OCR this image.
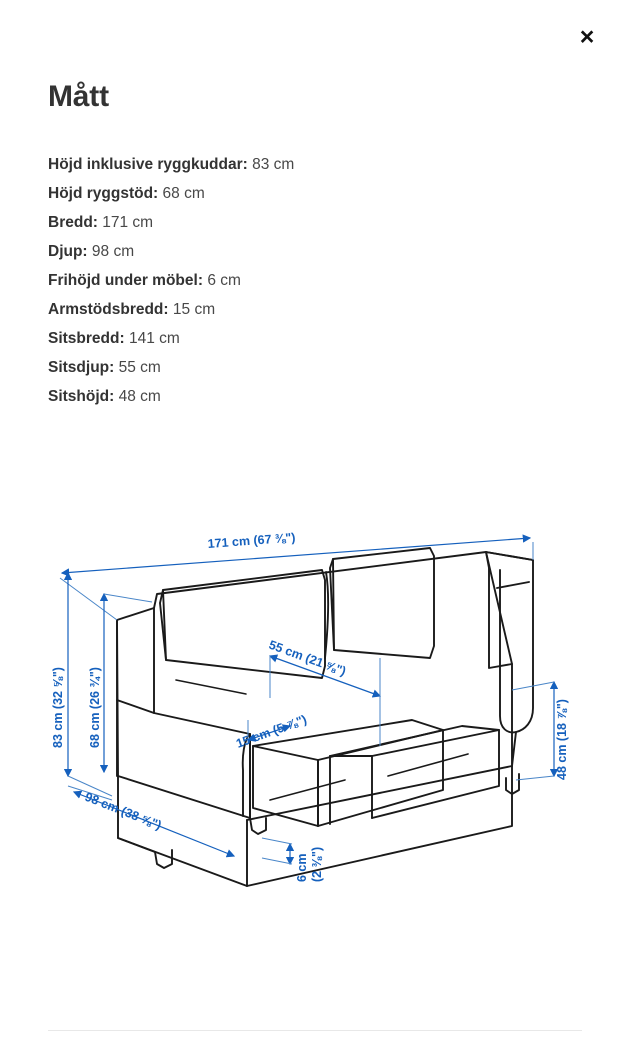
×
Mått
Höjd inklusive ryggkuddar: 83 cm
Höjd ryggstöd: 68 cm
Bredd: 171 cm
Djup: 98 cm
Frihöjd under möbel: 6 cm
Armstödsbredd: 15 cm
Sitsbredd: 141 cm
Sitsdjup: 55 cm
Sitshöjd: 48 cm
171 cm (67 ⅜")
83 cm (32 ⅝") 68 cm (26 ¾")
55 cm (21 ⅝")
15 cm (5 ⅞")
98 cm (38 ⅝")
48 cm (18 ⅞")
6 cm (2 ⅜")
